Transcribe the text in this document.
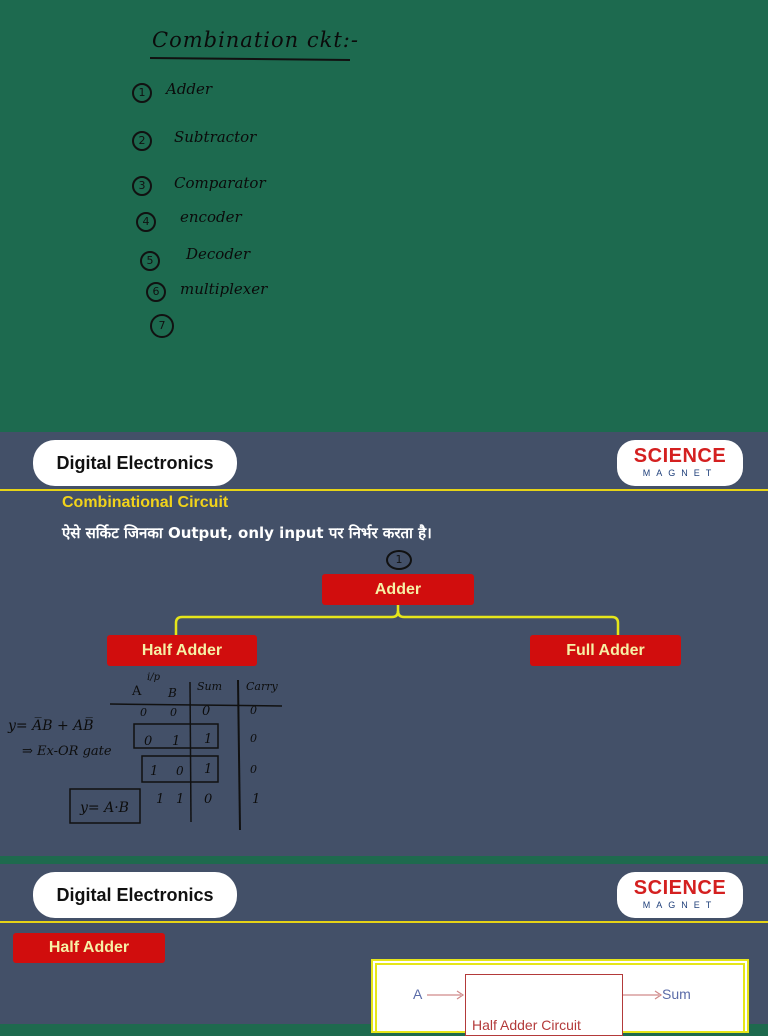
Combination ckt:-
1	Adder
2	Subtractor
3	Comparator
4	encoder
5	Decoder
6	multiplexer
7
Digital Electronics	SCIENCE
MAGNET
Combinational Circuit
ऐसे सर्किट जिनका Output, only input पर निर्भर करता है।
1
Adder
Half Adder	Full Adder
i/p
A B Sum Carry
0 0 0	0
0 1 1	0
1 0 1	0
1 1 0	1
y= A̅B + AB̅
⇒ Ex-OR gate
y= A·B
Digital Electronics	SCIENCE
MAGNET
Half Adder
Half Adder Circuit
A	Sum
